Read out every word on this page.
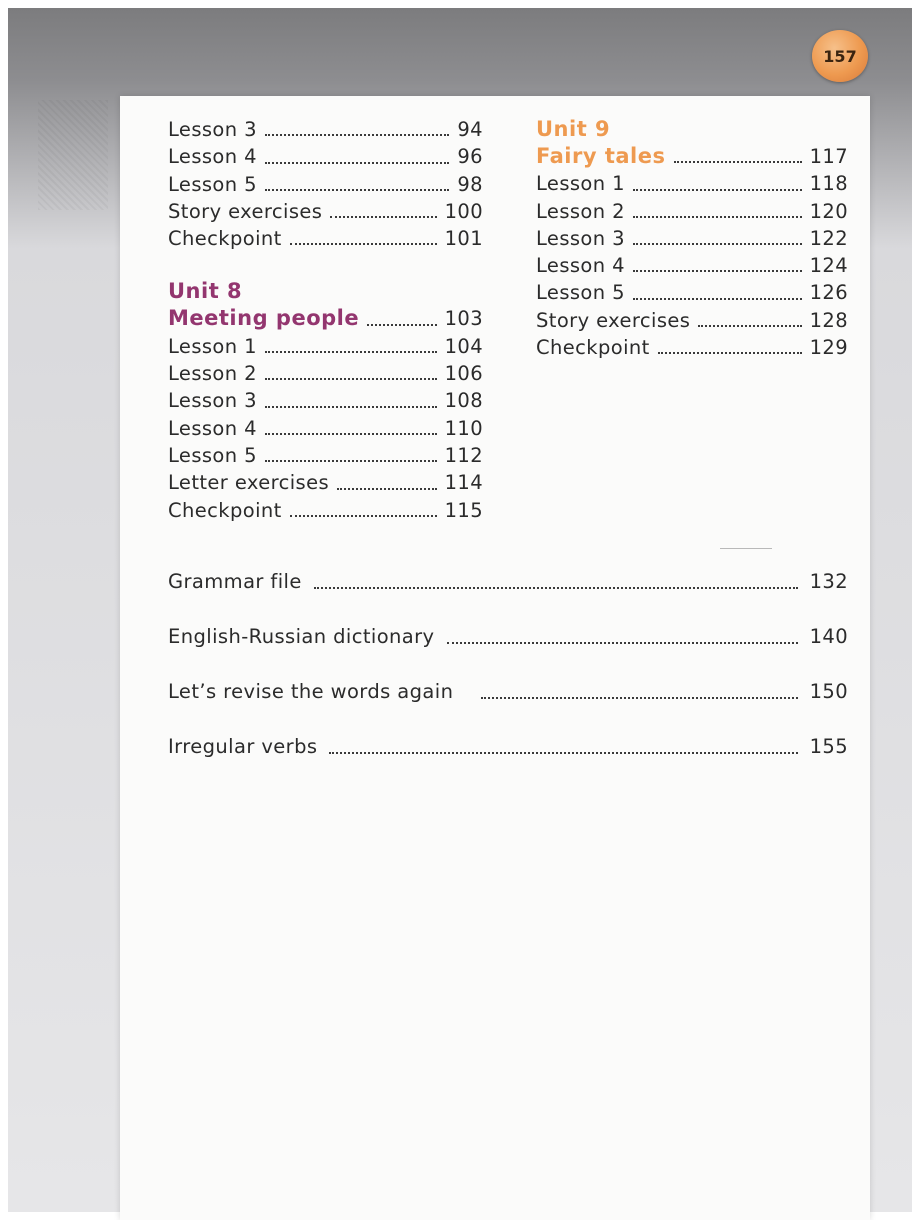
157
Lesson 3	94
Lesson 4	96
Lesson 5	98
Story exercises	100
Checkpoint	101
Unit 8
Meeting people	103
Lesson 1	104
Lesson 2	106
Lesson 3	108
Lesson 4	110
Lesson 5	112
Letter exercises	114
Checkpoint	115
Unit 9
Fairy tales	117
Lesson 1	118
Lesson 2	120
Lesson 3	122
Lesson 4	124
Lesson 5	126
Story exercises	128
Checkpoint	129
Grammar file	132
English-Russian dictionary	140
Let’s revise the words again	150
Irregular verbs	155
